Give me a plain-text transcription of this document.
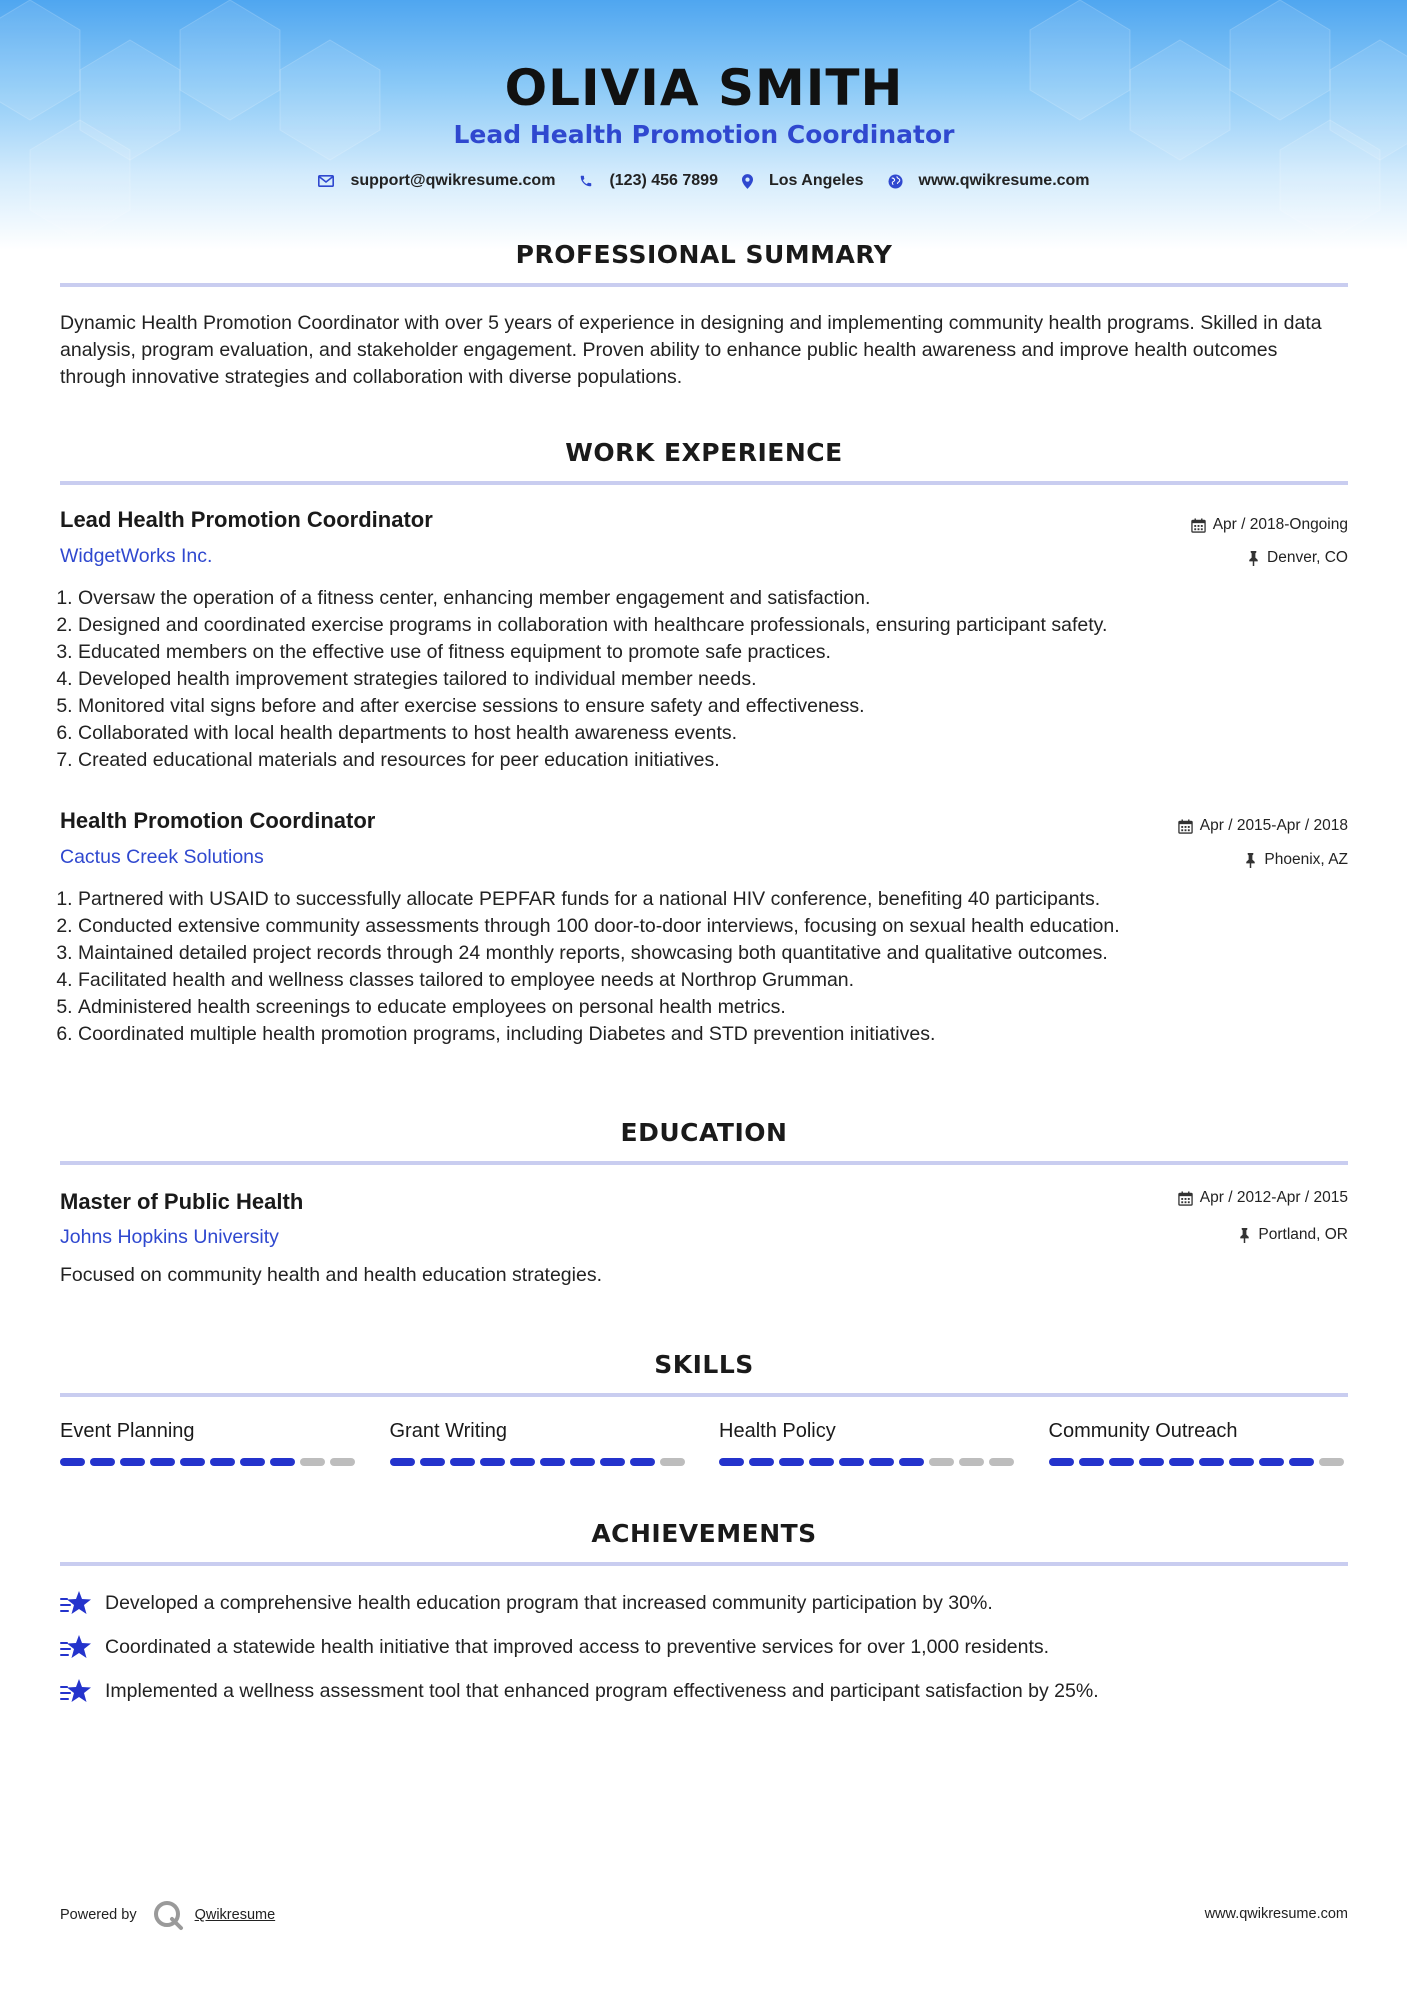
OLIVIA SMITH
Lead Health Promotion Coordinator
support@qwikresume.com	(123) 456 7899	Los Angeles	www.qwikresume.com
PROFESSIONAL SUMMARY
Dynamic Health Promotion Coordinator with over 5 years of experience in designing and implementing community health programs. Skilled in data analysis, program evaluation, and stakeholder engagement. Proven ability to enhance public health awareness and improve health outcomes through innovative strategies and collaboration with diverse populations.
WORK EXPERIENCE
Lead Health Promotion Coordinator
WidgetWorks Inc.
Apr / 2018-Ongoing
Denver, CO
1. Oversaw the operation of a fitness center, enhancing member engagement and satisfaction.
2. Designed and coordinated exercise programs in collaboration with healthcare professionals, ensuring participant safety.
3. Educated members on the effective use of fitness equipment to promote safe practices.
4. Developed health improvement strategies tailored to individual member needs.
5. Monitored vital signs before and after exercise sessions to ensure safety and effectiveness.
6. Collaborated with local health departments to host health awareness events.
7. Created educational materials and resources for peer education initiatives.
Health Promotion Coordinator
Cactus Creek Solutions
Apr / 2015-Apr / 2018
Phoenix, AZ
1. Partnered with USAID to successfully allocate PEPFAR funds for a national HIV conference, benefiting 40 participants.
2. Conducted extensive community assessments through 100 door-to-door interviews, focusing on sexual health education.
3. Maintained detailed project records through 24 monthly reports, showcasing both quantitative and qualitative outcomes.
4. Facilitated health and wellness classes tailored to employee needs at Northrop Grumman.
5. Administered health screenings to educate employees on personal health metrics.
6. Coordinated multiple health promotion programs, including Diabetes and STD prevention initiatives.
EDUCATION
Master of Public Health
Johns Hopkins University
Apr / 2012-Apr / 2015
Portland, OR
Focused on community health and health education strategies.
SKILLS
Event Planning	Grant Writing	Health Policy	Community Outreach
ACHIEVEMENTS
Developed a comprehensive health education program that increased community participation by 30%.
Coordinated a statewide health initiative that improved access to preventive services for over 1,000 residents.
Implemented a wellness assessment tool that enhanced program effectiveness and participant satisfaction by 25%.
Powered by	Qwikresume	www.qwikresume.com
